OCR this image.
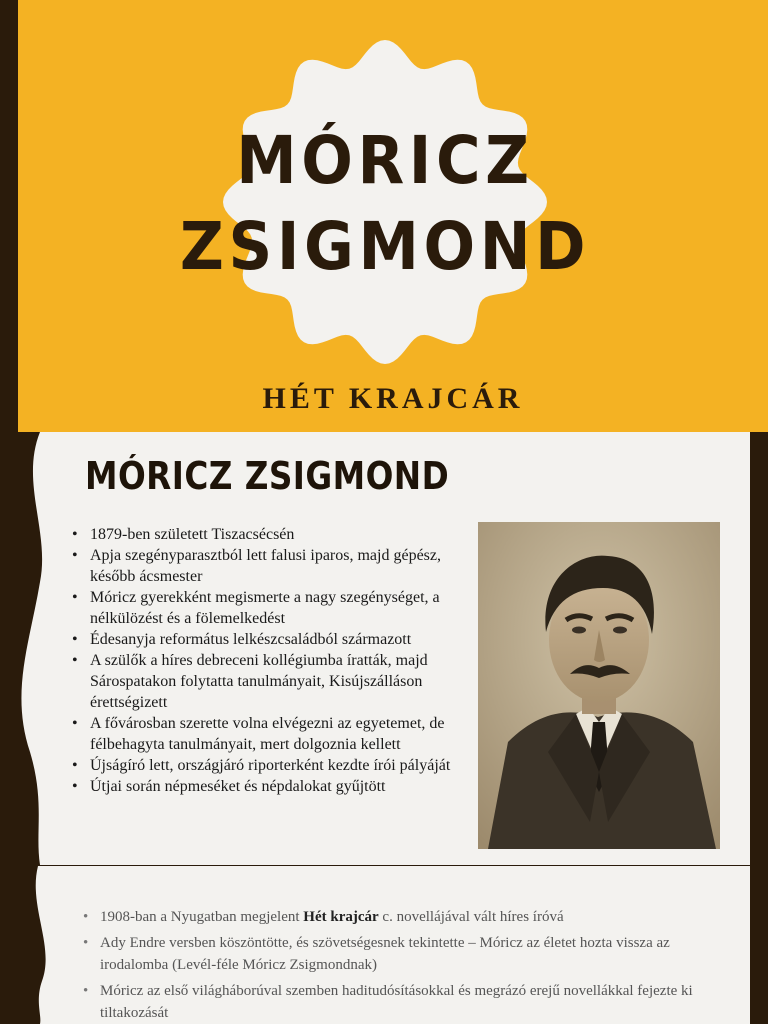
MÓRICZ
ZSIGMOND

HÉT KRAJCÁR

MÓRICZ ZSIGMOND
• 1879-ben született Tiszacsécsén
• Apja szegényparasztból lett falusi iparos, majd gépész, később ácsmester
• Móricz gyerekként megismerte a nagy szegénységet, a nélkülözést és a fölemelkedést
• Édesanyja református lelkészcsaládból származott
• A szülők a híres debreceni kollégiumba íratták, majd Sárospatakon folytatta tanulmányait, Kisújszálláson érettségizett
• A fővárosban szerette volna elvégezni az egyetemet, de félbehagyta tanulmányait, mert dolgoznia kellett
• Újságíró lett, országjáró riporterként kezdte írói pályáját
• Útjai során népmeséket és népdalokat gyűjtött
• 1908-ban a Nyugatban megjelent Hét krajcár c. novellájával vált híres íróvá
• Ady Endre versben köszöntötte, és szövetségesnek tekintette – Móricz az életet hozta vissza az irodalomba (Levél-féle Móricz Zsigmondnak)
• Móricz az első világháborúval szemben haditudósításokkal és megrázó erejű novellákkal fejezte ki tiltakozását
